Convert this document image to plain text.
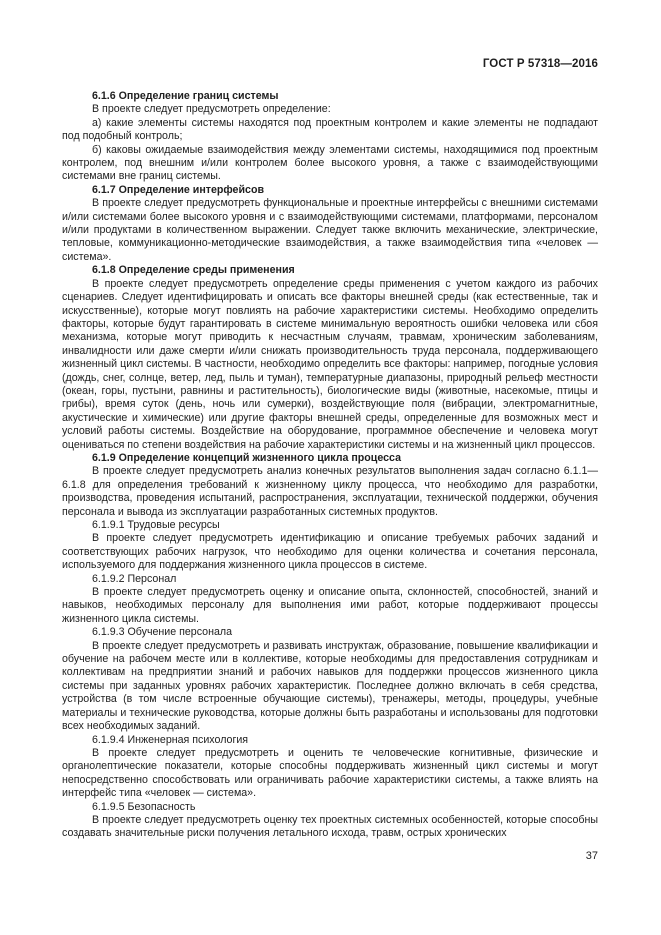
ГОСТ Р 57318—2016

6.1.6 Определение границ системы

В проекте следует предусмотреть определение:

а) какие элементы системы находятся под проектным контролем и какие элементы не подпадают под подобный контроль;

б) каковы ожидаемые взаимодействия между элементами системы, находящимися под проектным контролем, под внешним и/или контролем более высокого уровня, а также с взаимодействующими системами вне границ системы.

6.1.7 Определение интерфейсов

В проекте следует предусмотреть функциональные и проектные интерфейсы с внешними системами и/или системами более высокого уровня и с взаимодействующими системами, платформами, персоналом и/или продуктами в количественном выражении. Следует также включить механические, электрические, тепловые, коммуникационно-методические взаимодействия, а также взаимодействия типа «человек — система».

6.1.8 Определение среды применения

В проекте следует предусмотреть определение среды применения с учетом каждого из рабочих сценариев. Следует идентифицировать и описать все факторы внешней среды (как естественные, так и искусственные), которые могут повлиять на рабочие характеристики системы. Необходимо определить факторы, которые будут гарантировать в системе минимальную вероятность ошибки человека или сбоя механизма, которые могут приводить к несчастным случаям, травмам, хроническим заболеваниям, инвалидности или даже смерти и/или снижать производительность труда персонала, поддерживающего жизненный цикл системы. В частности, необходимо определить все факторы: например, погодные условия (дождь, снег, солнце, ветер, лед, пыль и туман), температурные диапазоны, природный рельеф местности (океан, горы, пустыни, равнины и растительность), биологические виды (животные, насекомые, птицы и грибы), время суток (день, ночь или сумерки), воздействующие поля (вибрации, электромагнитные, акустические и химические) или другие факторы внешней среды, определенные для возможных мест и условий работы системы. Воздействие на оборудование, программное обеспечение и человека могут оцениваться по степени воздействия на рабочие характеристики системы и на жизненный цикл процессов.

6.1.9 Определение концепций жизненного цикла процесса

В проекте следует предусмотреть анализ конечных результатов выполнения задач согласно 6.1.1—6.1.8 для определения требований к жизненному циклу процесса, что необходимо для разработки, производства, проведения испытаний, распространения, эксплуатации, технической поддержки, обучения персонала и вывода из эксплуатации разработанных системных продуктов.

6.1.9.1 Трудовые ресурсы

В проекте следует предусмотреть идентификацию и описание требуемых рабочих заданий и соответствующих рабочих нагрузок, что необходимо для оценки количества и сочетания персонала, используемого для поддержания жизненного цикла процессов в системе.

6.1.9.2 Персонал

В проекте следует предусмотреть оценку и описание опыта, склонностей, способностей, знаний и навыков, необходимых персоналу для выполнения ими работ, которые поддерживают процессы жизненного цикла системы.

6.1.9.3 Обучение персонала

В проекте следует предусмотреть и развивать инструктаж, образование, повышение квалификации и обучение на рабочем месте или в коллективе, которые необходимы для предоставления сотрудникам и коллективам на предприятии знаний и рабочих навыков для поддержки процессов жизненного цикла системы при заданных уровнях рабочих характеристик. Последнее должно включать в себя средства, устройства (в том числе встроенные обучающие системы), тренажеры, методы, процедуры, учебные материалы и технические руководства, которые должны быть разработаны и использованы для подготовки всех необходимых заданий.

6.1.9.4 Инженерная психология

В проекте следует предусмотреть и оценить те человеческие когнитивные, физические и органолептические показатели, которые способны поддерживать жизненный цикл системы и могут непосредственно способствовать или ограничивать рабочие характеристики системы, а также влиять на интерфейс типа «человек — система».

6.1.9.5 Безопасность

В проекте следует предусмотреть оценку тех проектных системных особенностей, которые способны создавать значительные риски получения летального исхода, травм, острых хронических

37
